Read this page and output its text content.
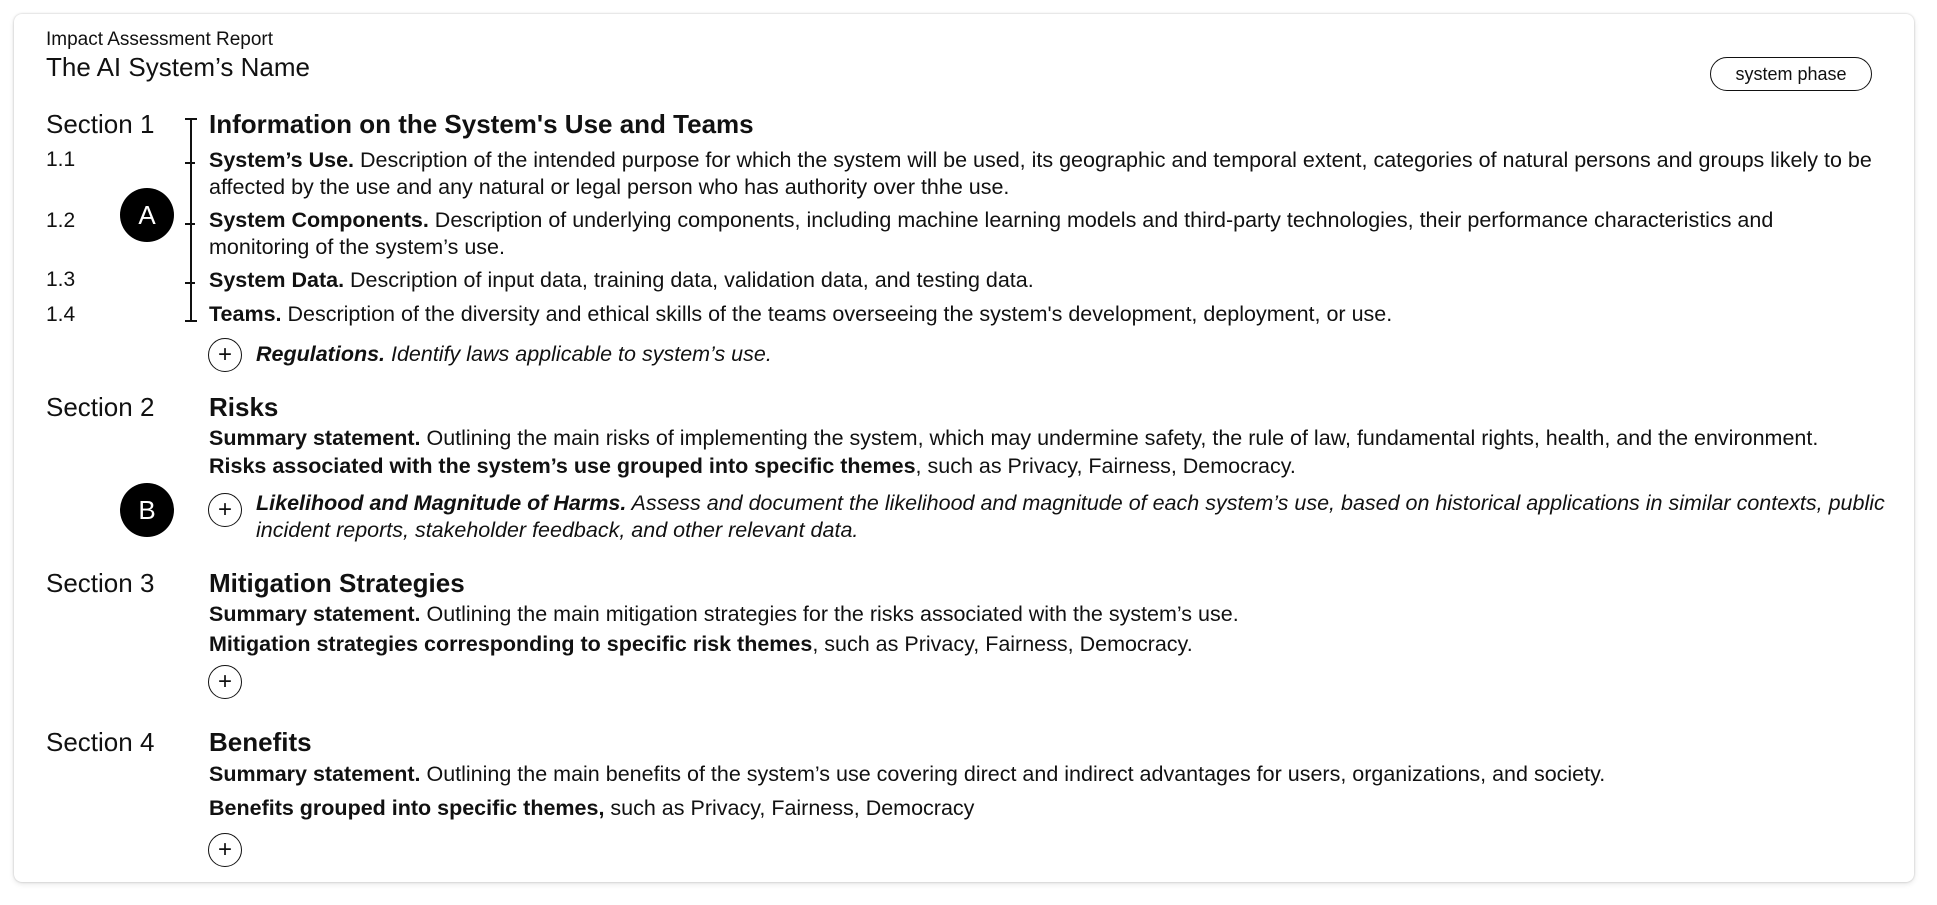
Impact Assessment Report
The AI System’s Name	system phase
Section 1 Information on the System's Use and Teams
1.1	System’s Use. Description of the intended purpose for which the system will be used, its geographic and temporal extent, categories of natural persons and groups likely to be affected by the use and any natural or legal person who has authority over thhe use.
1.2	System Components. Description of underlying components, including machine learning models and third-party technologies, their performance characteristics and monitoring of the system’s use.
1.3	System Data. Description of input data, training data, validation data, and testing data.
1.4	Teams. Description of the diversity and ethical skills of the teams overseeing the system's development, deployment, or use.
A
+	Regulations. Identify laws applicable to system’s use.
Section 2 Risks
Summary statement. Outlining the main risks of implementing the system, which may undermine safety, the rule of law, fundamental rights, health, and the environment.
Risks associated with the system’s use grouped into specific themes, such as Privacy, Fairness, Democracy.
B	+	Likelihood and Magnitude of Harms. Assess and document the likelihood and magnitude of each system’s use, based on historical applications in similar contexts, public incident reports, stakeholder feedback, and other relevant data.
Section 3 Mitigation Strategies
Summary statement. Outlining the main mitigation strategies for the risks associated with the system’s use.
Mitigation strategies corresponding to specific risk themes, such as Privacy, Fairness, Democracy.
+
Section 4 Benefits
Summary statement. Outlining the main benefits of the system’s use covering direct and indirect advantages for users, organizations, and society.
Benefits grouped into specific themes, such as Privacy, Fairness, Democracy
+
